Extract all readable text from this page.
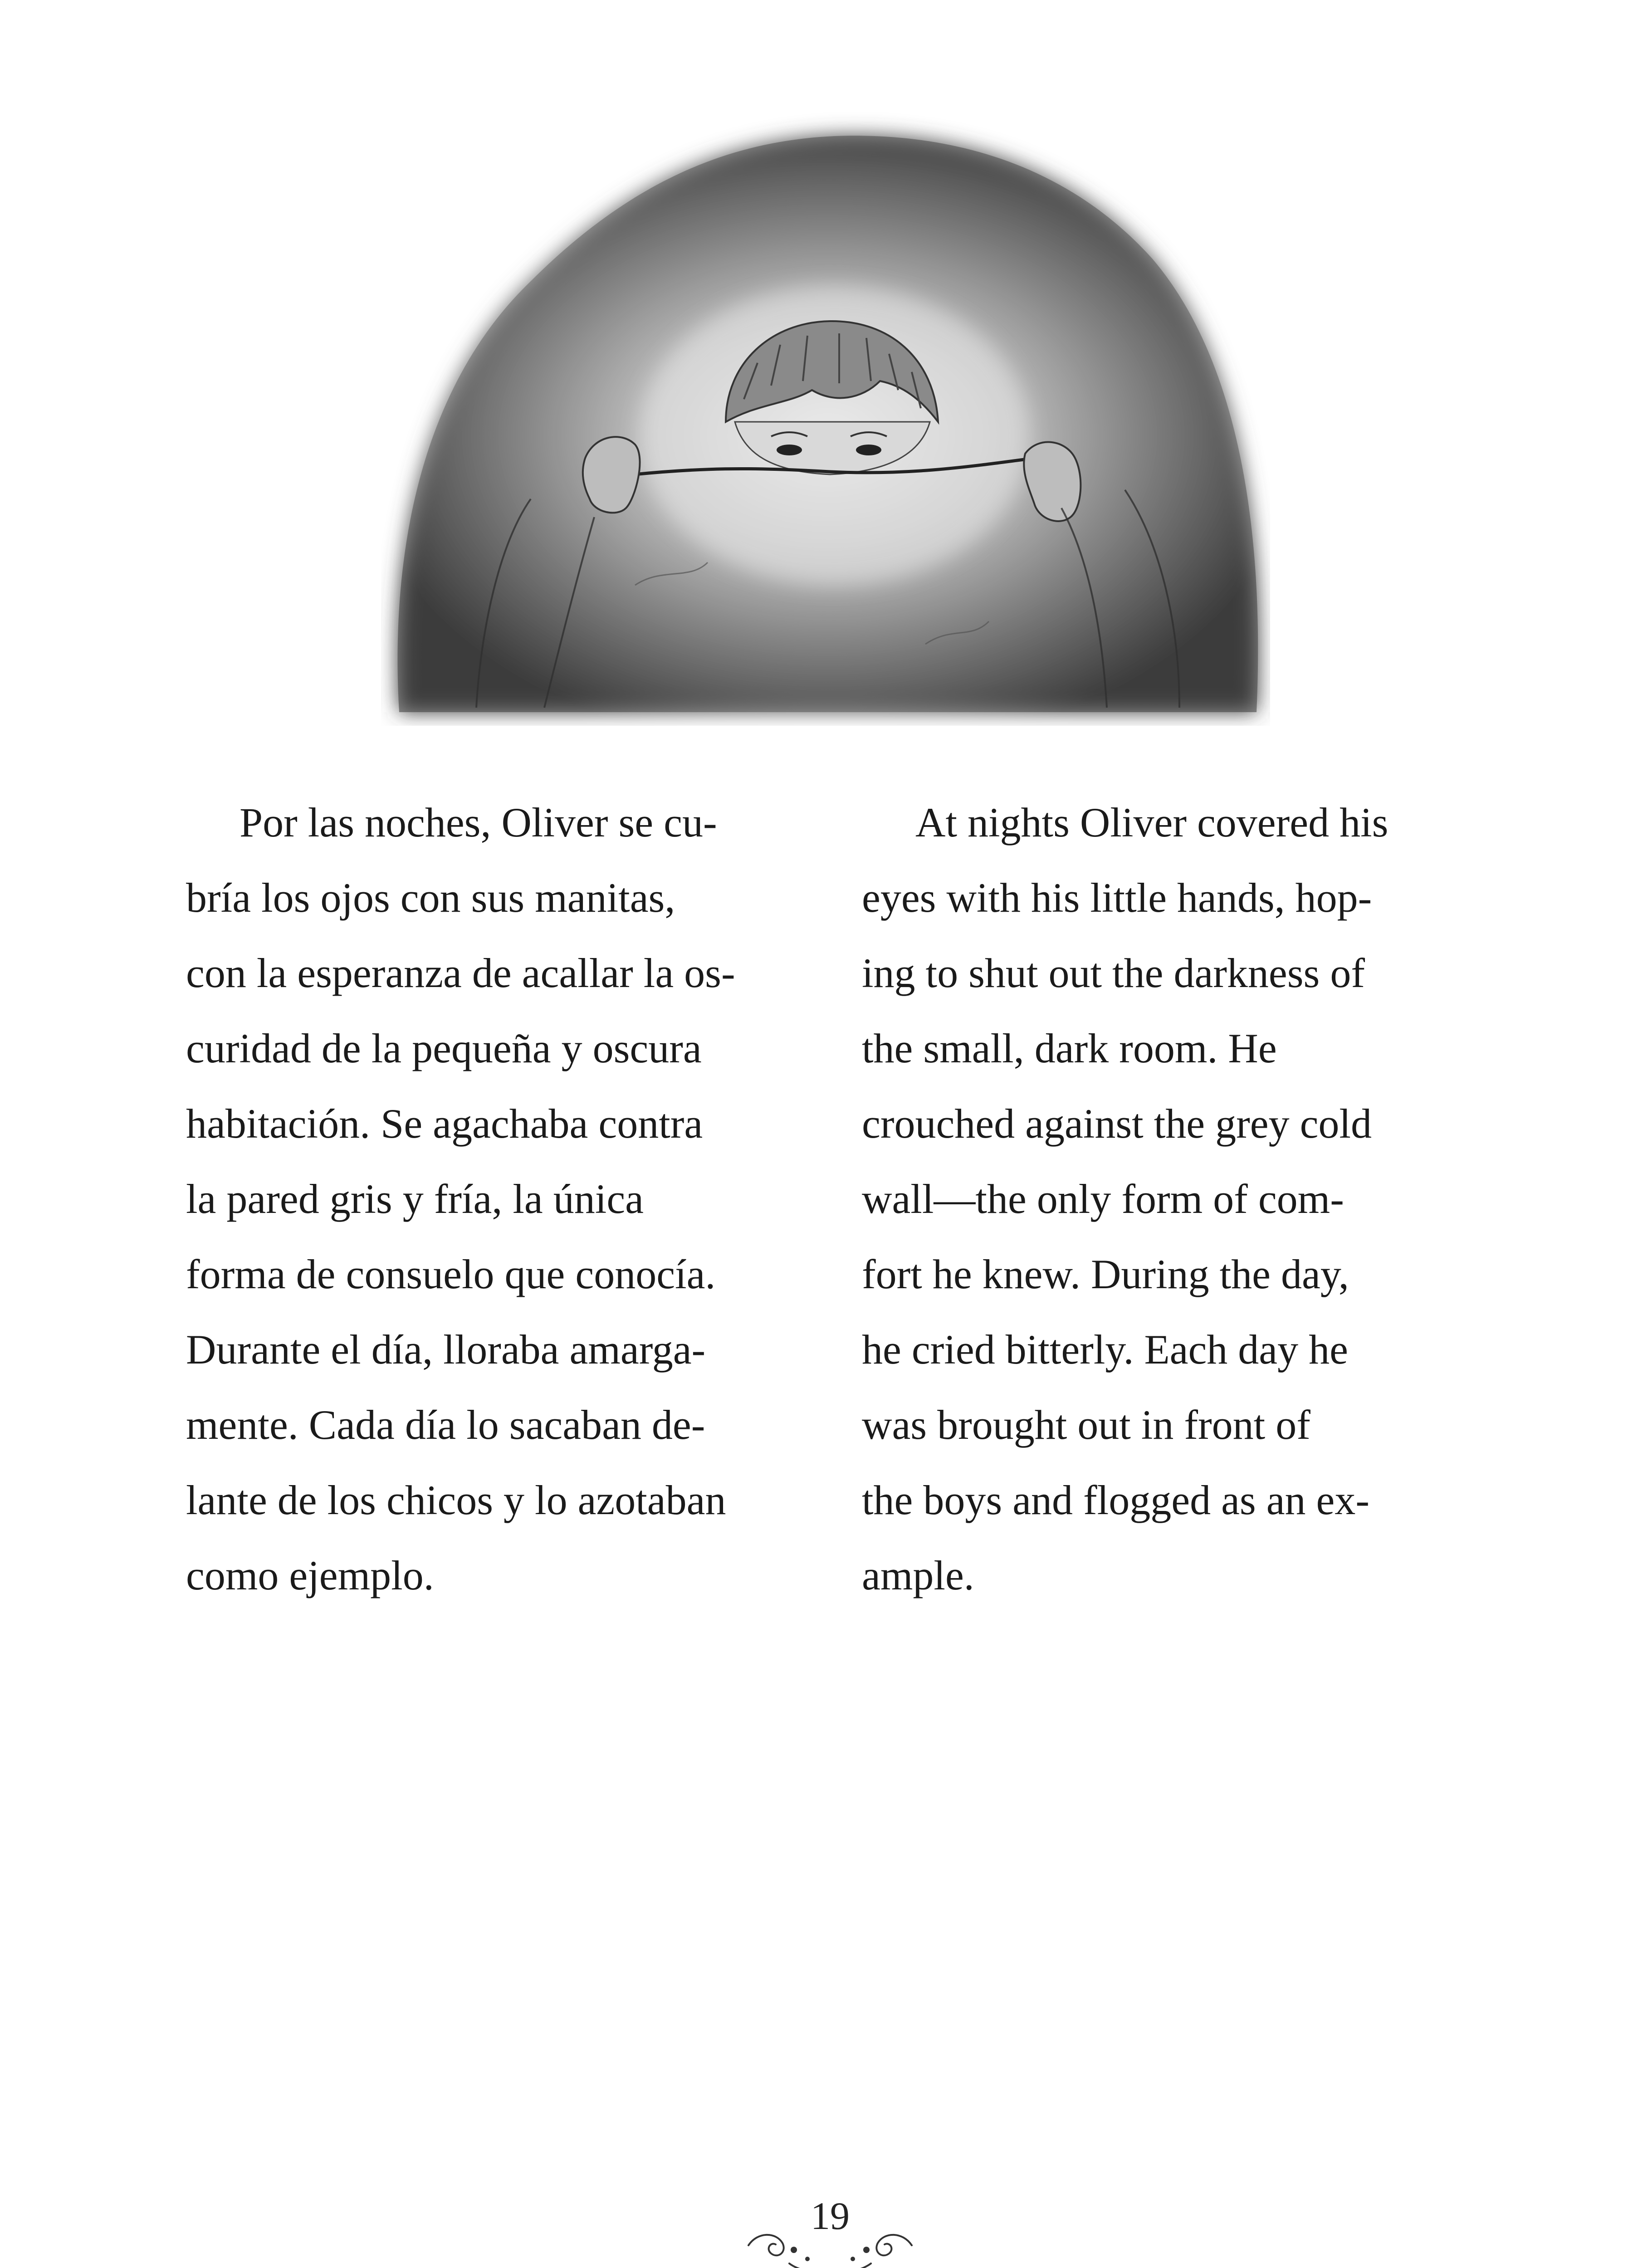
Por las noches, Oliver se cu-
bría los ojos con sus manitas,
con la esperanza de acallar la os-
curidad de la pequeña y oscura
habitación. Se agachaba contra
la pared gris y fría, la única
forma de consuelo que conocía.
Durante el día, lloraba amarga-
mente. Cada día lo sacaban de-
lante de los chicos y lo azotaban
como ejemplo.
At nights Oliver covered his
eyes with his little hands, hop-
ing to shut out the darkness of
the small, dark room. He
crouched against the grey cold
wall—the only form of com-
fort he knew. During the day,
he cried bitterly. Each day he
was brought out in front of
the boys and flogged as an ex-
ample.
19
